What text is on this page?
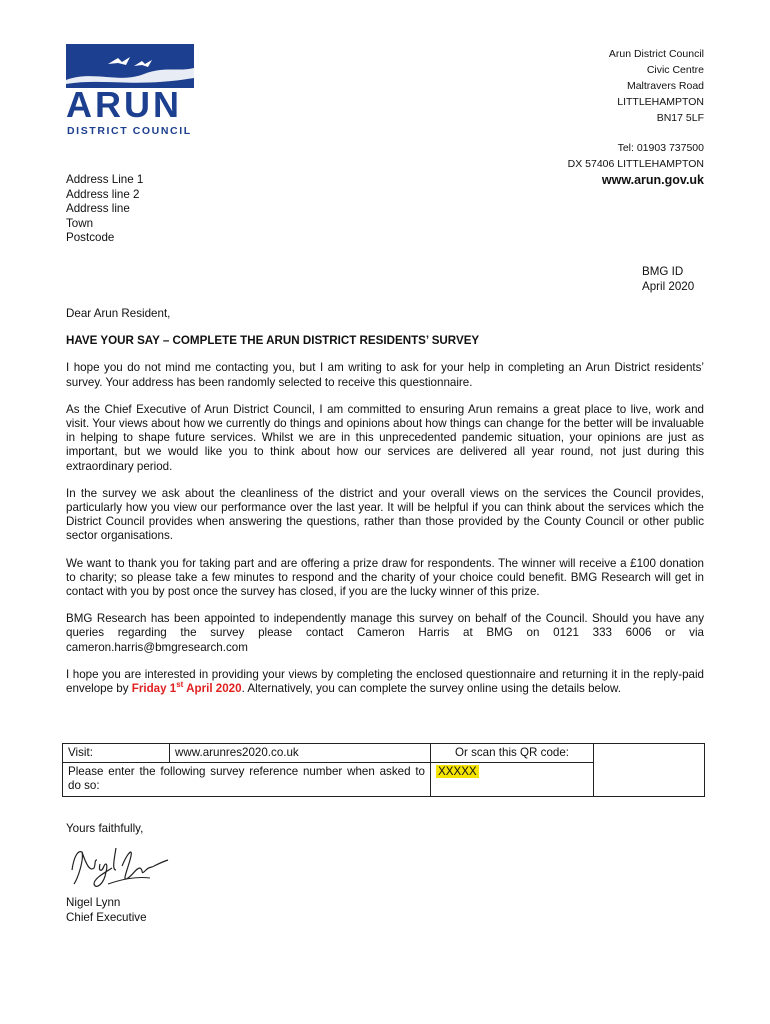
ARUN
DISTRICT COUNCIL
Arun District Council
Civic Centre
Maltravers Road
LITTLEHAMPTON
BN17 5LF
Tel: 01903 737500
DX 57406 LITTLEHAMPTON
www.arun.gov.uk
Address Line 1
Address line 2
Address line
Town
Postcode
BMG ID
April 2020

Dear Arun Resident,

HAVE YOUR SAY – COMPLETE THE ARUN DISTRICT RESIDENTS’ SURVEY

I hope you do not mind me contacting you, but I am writing to ask for your help in completing an Arun District residents’ survey. Your address has been randomly selected to receive this questionnaire.

As the Chief Executive of Arun District Council, I am committed to ensuring Arun remains a great place to live, work and visit. Your views about how we currently do things and opinions about how things can change for the better will be invaluable in helping to shape future services. Whilst we are in this unprecedented pandemic situation, your opinions are just as important, but we would like you to think about how our services are delivered all year round, not just during this extraordinary period.

In the survey we ask about the cleanliness of the district and your overall views on the services the Council provides, particularly how you view our performance over the last year. It will be helpful if you can think about the services which the District Council provides when answering the questions, rather than those provided by the County Council or other public sector organisations.

We want to thank you for taking part and are offering a prize draw for respondents. The winner will receive a £100 donation to charity; so please take a few minutes to respond and the charity of your choice could benefit. BMG Research will get in contact with you by post once the survey has closed, if you are the lucky winner of this prize.

BMG Research has been appointed to independently manage this survey on behalf of the Council. Should you have any queries regarding the survey please contact Cameron Harris at BMG on 0121 333 6006 or via cameron.harris@bmgresearch.com

I hope you are interested in providing your views by completing the enclosed questionnaire and returning it in the reply-paid envelope by Friday 1st April 2020. Alternatively, you can complete the survey online using the details below.

Visit:	www.arunres2020.co.uk	Or scan this QR code:	
Please enter the following survey reference number when asked to do so:		XXXXX	
Yours faithfully,
Nigel Lynn
Chief Executive
